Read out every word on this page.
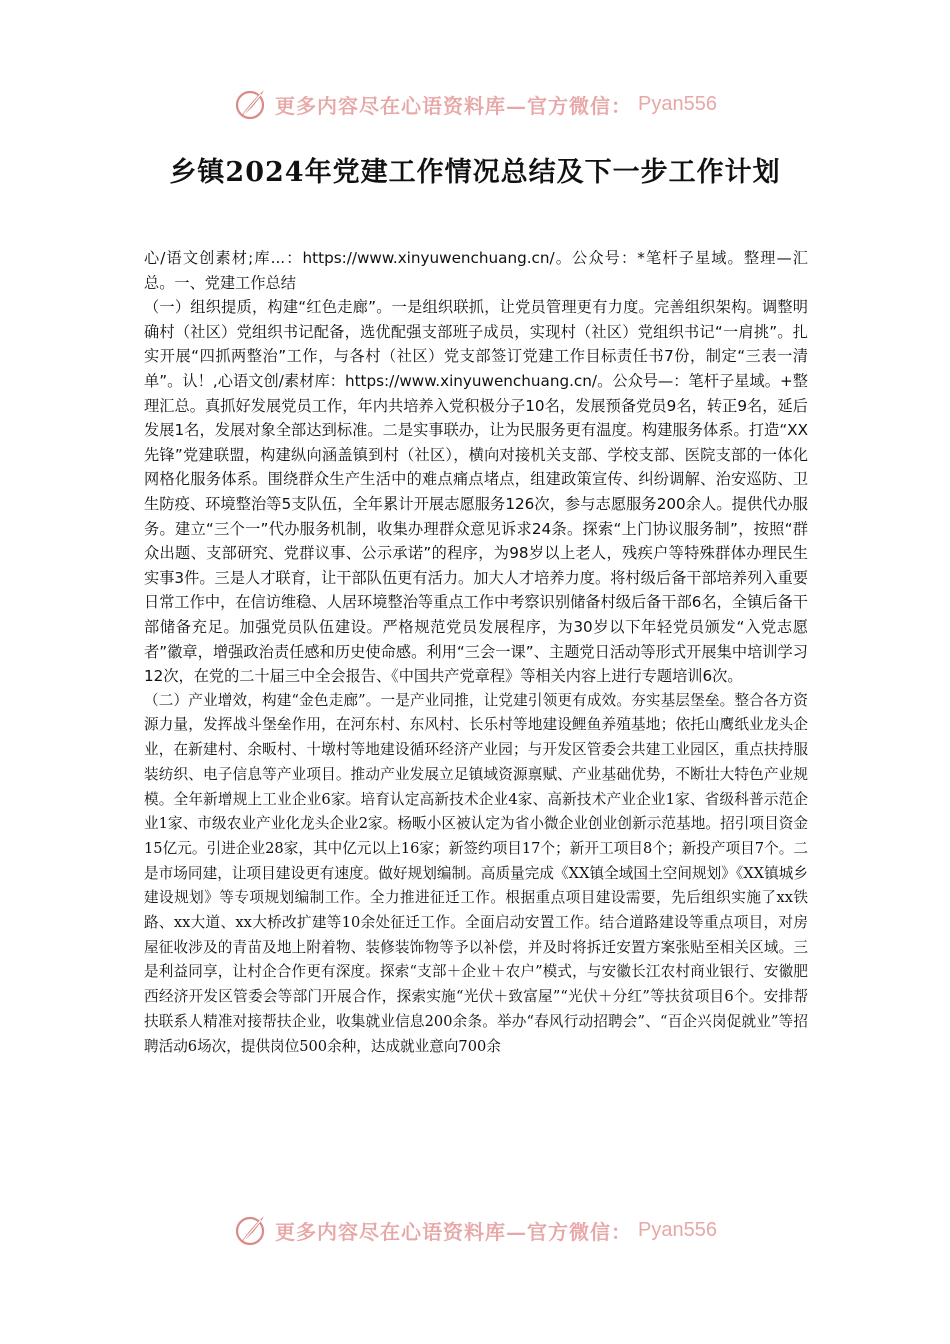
更多内容尽在心语资料库—官方微信： Pyan556
乡镇2024年党建工作情况总结及下一步工作计划

心/语文创素材;库...：https://www.xinyuwenchuang.cn/。公众号：*笔杆子星域。整理—汇总。一、党建工作总结

（一）组织提质，构建“红色走廊”。一是组织联抓，让党员管理更有力度。完善组织架构。调整明确村（社区）党组织书记配备，选优配强支部班子成员，实现村（社区）党组织书记“一肩挑”。扎实开展“四抓两整治”工作，与各村（社区）党支部签订党建工作目标责任书7份，制定“三表一清单”。认！,心语文创/素材库：https://www.xinyuwenchuang.cn/。公众号—：笔杆子星域。+整理汇总。真抓好发展党员工作，年内共培养入党积极分子10名，发展预备党员9名，转正9名，延后发展1名，发展对象全部达到标准。二是实事联办，让为民服务更有温度。构建服务体系。打造“XX先锋”党建联盟，构建纵向涵盖镇到村（社区），横向对接机关支部、学校支部、医院支部的一体化网格化服务体系。围绕群众生产生活中的难点痛点堵点，组建政策宣传、纠纷调解、治安巡防、卫生防疫、环境整治等5支队伍，全年累计开展志愿服务126次，参与志愿服务200余人。提供代办服务。建立“三个一”代办服务机制，收集办理群众意见诉求24条。探索“上门协议服务制”，按照“群众出题、支部研究、党群议事、公示承诺”的程序，为98岁以上老人，残疾户等特殊群体办理民生实事3件。三是人才联育，让干部队伍更有活力。加大人才培养力度。将村级后备干部培养列入重要日常工作中，在信访维稳、人居环境整治等重点工作中考察识别储备村级后备干部6名，全镇后备干部储备充足。加强党员队伍建设。严格规范党员发展程序，为30岁以下年轻党员颁发“入党志愿者”徽章，增强政治责任感和历史使命感。利用“三会一课”、主题党日活动等形式开展集中培训学习12次，在党的二十届三中全会报告、《中国共产党章程》等相关内容上进行专题培训6次。

（二）产业增效，构建“金色走廊”。一是产业同推，让党建引领更有成效。夯实基层堡垒。整合各方资源力量，发挥战斗堡垒作用，在河东村、东风村、长乐村等地建设鲤鱼养殖基地；依托山鹰纸业龙头企业，在新建村、余畈村、十墩村等地建设循环经济产业园；与开发区管委会共建工业园区，重点扶持服装纺织、电子信息等产业项目。推动产业发展立足镇域资源禀赋、产业基础优势，不断壮大特色产业规模。全年新增规上工业企业6家。培育认定高新技术企业4家、高新技术产业企业1家、省级科普示范企业1家、市级农业产业化龙头企业2家。杨畈小区被认定为省小微企业创业创新示范基地。招引项目资金15亿元。引进企业28家，其中亿元以上16家；新签约项目17个；新开工项目8个；新投产项目7个。二是市场同建，让项目建设更有速度。做好规划编制。高质量完成《XX镇全域国土空间规划》《XX镇城乡建设规划》等专项规划编制工作。全力推进征迁工作。根据重点项目建设需要，先后组织实施了xx铁路、xx大道、xx大桥改扩建等10余处征迁工作。全面启动安置工作。结合道路建设等重点项目，对房屋征收涉及的青苗及地上附着物、装修装饰物等予以补偿，并及时将拆迁安置方案张贴至相关区域。三是利益同享，让村企合作更有深度。探索“支部＋企业＋农户”模式，与安徽长江农村商业银行、安徽肥西经济开发区管委会等部门开展合作，探索实施“光伏＋致富屋”“光伏＋分红”等扶贫项目6个。安排帮扶联系人精准对接帮扶企业，收集就业信息200余条。举办“春风行动招聘会”、“百企兴岗促就业”等招聘活动6场次，提供岗位500余种，达成就业意向700余

更多内容尽在心语资料库—官方微信： Pyan556
